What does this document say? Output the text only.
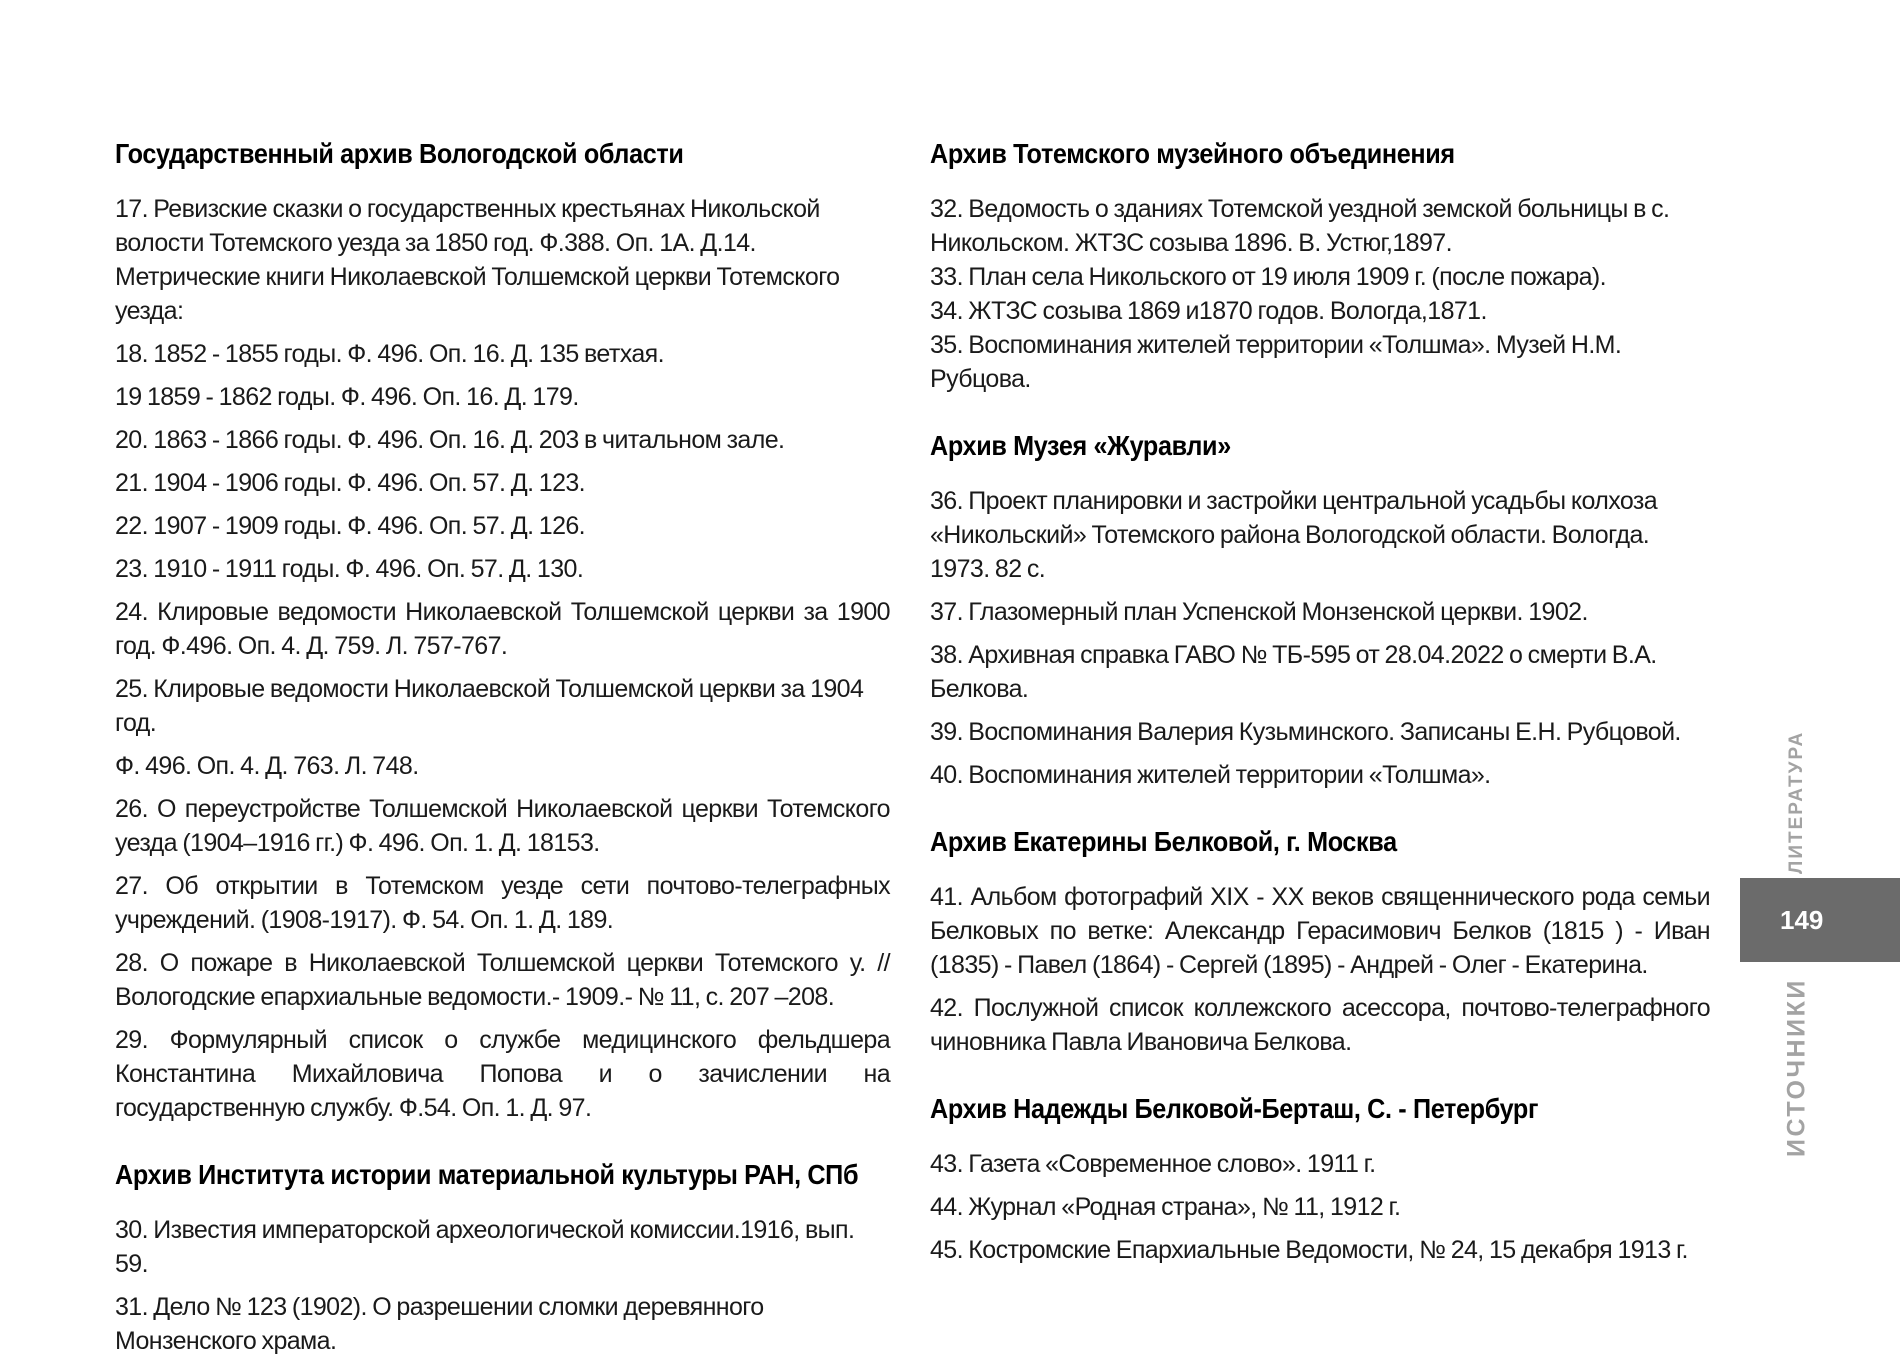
Государственный архив Вологодской области

17. Ревизские сказки о государственных крестьянах Никольской волости Тотемского уезда за 1850 год. Ф.388. Оп. 1А. Д.14.

Метрические книги Николаевской Толшемской церкви Тотемского уезда:

18. 1852 - 1855 годы. Ф. 496. Оп. 16. Д. 135 ветхая.

19 1859 - 1862 годы. Ф. 496. Оп. 16. Д. 179.

20. 1863 - 1866 годы. Ф. 496. Оп. 16. Д. 203 в читальном зале.

21. 1904 - 1906 годы. Ф. 496. Оп. 57. Д. 123.

22. 1907 - 1909 годы. Ф. 496. Оп. 57. Д. 126.

23. 1910 - 1911 годы. Ф. 496. Оп. 57. Д. 130.

24. Клировые ведомости Николаевской Толшемской церкви за 1900 год. Ф.496. Оп. 4. Д. 759. Л. 757-767.

25. Клировые ведомости Николаевской Толшемской церкви за 1904 год.

Ф. 496. Оп. 4. Д. 763. Л. 748.

26. О переустройстве Толшемской Николаевской церкви Тотемского уезда (1904–1916 гг.) Ф. 496. Оп. 1. Д. 18153.

27. Об открытии в Тотемском уезде сети почтово-телеграфных учреждений. (1908-1917). Ф. 54. Оп. 1. Д. 189.

28. О пожаре в Николаевской Толшемской церкви Тотемского у. // Вологодские епархиальные ведомости.- 1909.- № 11, с. 207 –208.

29. Формулярный список о службе медицинского фельдшера Константина Михайловича Попова и о зачислении на государственную службу. Ф.54. Оп. 1. Д. 97.

Архив Института истории материальной культуры РАН, СПб

30. Известия императорской археологической комиссии.1916, вып. 59.

31. Дело № 123 (1902). О разрешении сломки деревянного Монзенского храма.

Архив Тотемского музейного объединения

32. Ведомость о зданиях Тотемской уездной земской больницы в с. Никольском. ЖТЗС созыва 1896. В. Устюг,1897.

33. План села Никольского от 19 июля 1909 г. (после пожара).

34. ЖТЗС созыва 1869 и1870 годов. Вологда,1871.

35. Воспоминания жителей территории «Толшма». Музей Н.М. Рубцова.

Архив Музея «Журавли»

36. Проект планировки и застройки центральной усадьбы колхоза «Никольский» Тотемского района Вологодской области. Вологда. 1973. 82 с.

37. Глазомерный план Успенской Монзенской церкви. 1902.

38. Архивная справка ГАВО № ТБ-595 от 28.04.2022 о смерти В.А. Белкова.

39. Воспоминания Валерия Кузьминского. Записаны Е.Н. Рубцовой.

40. Воспоминания жителей территории «Толшма».

Архив Екатерины Белковой, г. Москва

41. Альбом фотографий XIX - XX веков священнического рода семьи Белковых по ветке: Александр Герасимович Белков (1815 ) - Иван (1835) - Павел (1864) - Сергей (1895) - Андрей - Олег - Екатерина.

42. Послужной список коллежского асессора, почтово-телеграфного чиновника Павла Ивановича Белкова.

Архив Надежды Белковой-Берташ, С. - Петербург

43. Газета «Современное слово». 1911 г.

44. Журнал «Родная страна», № 11, 1912 г.

45. Костромские Епархиальные Ведомости, № 24, 15 декабря 1913 г.

ЛИТЕРАТУРА
149
ИСТОЧНИКИ
